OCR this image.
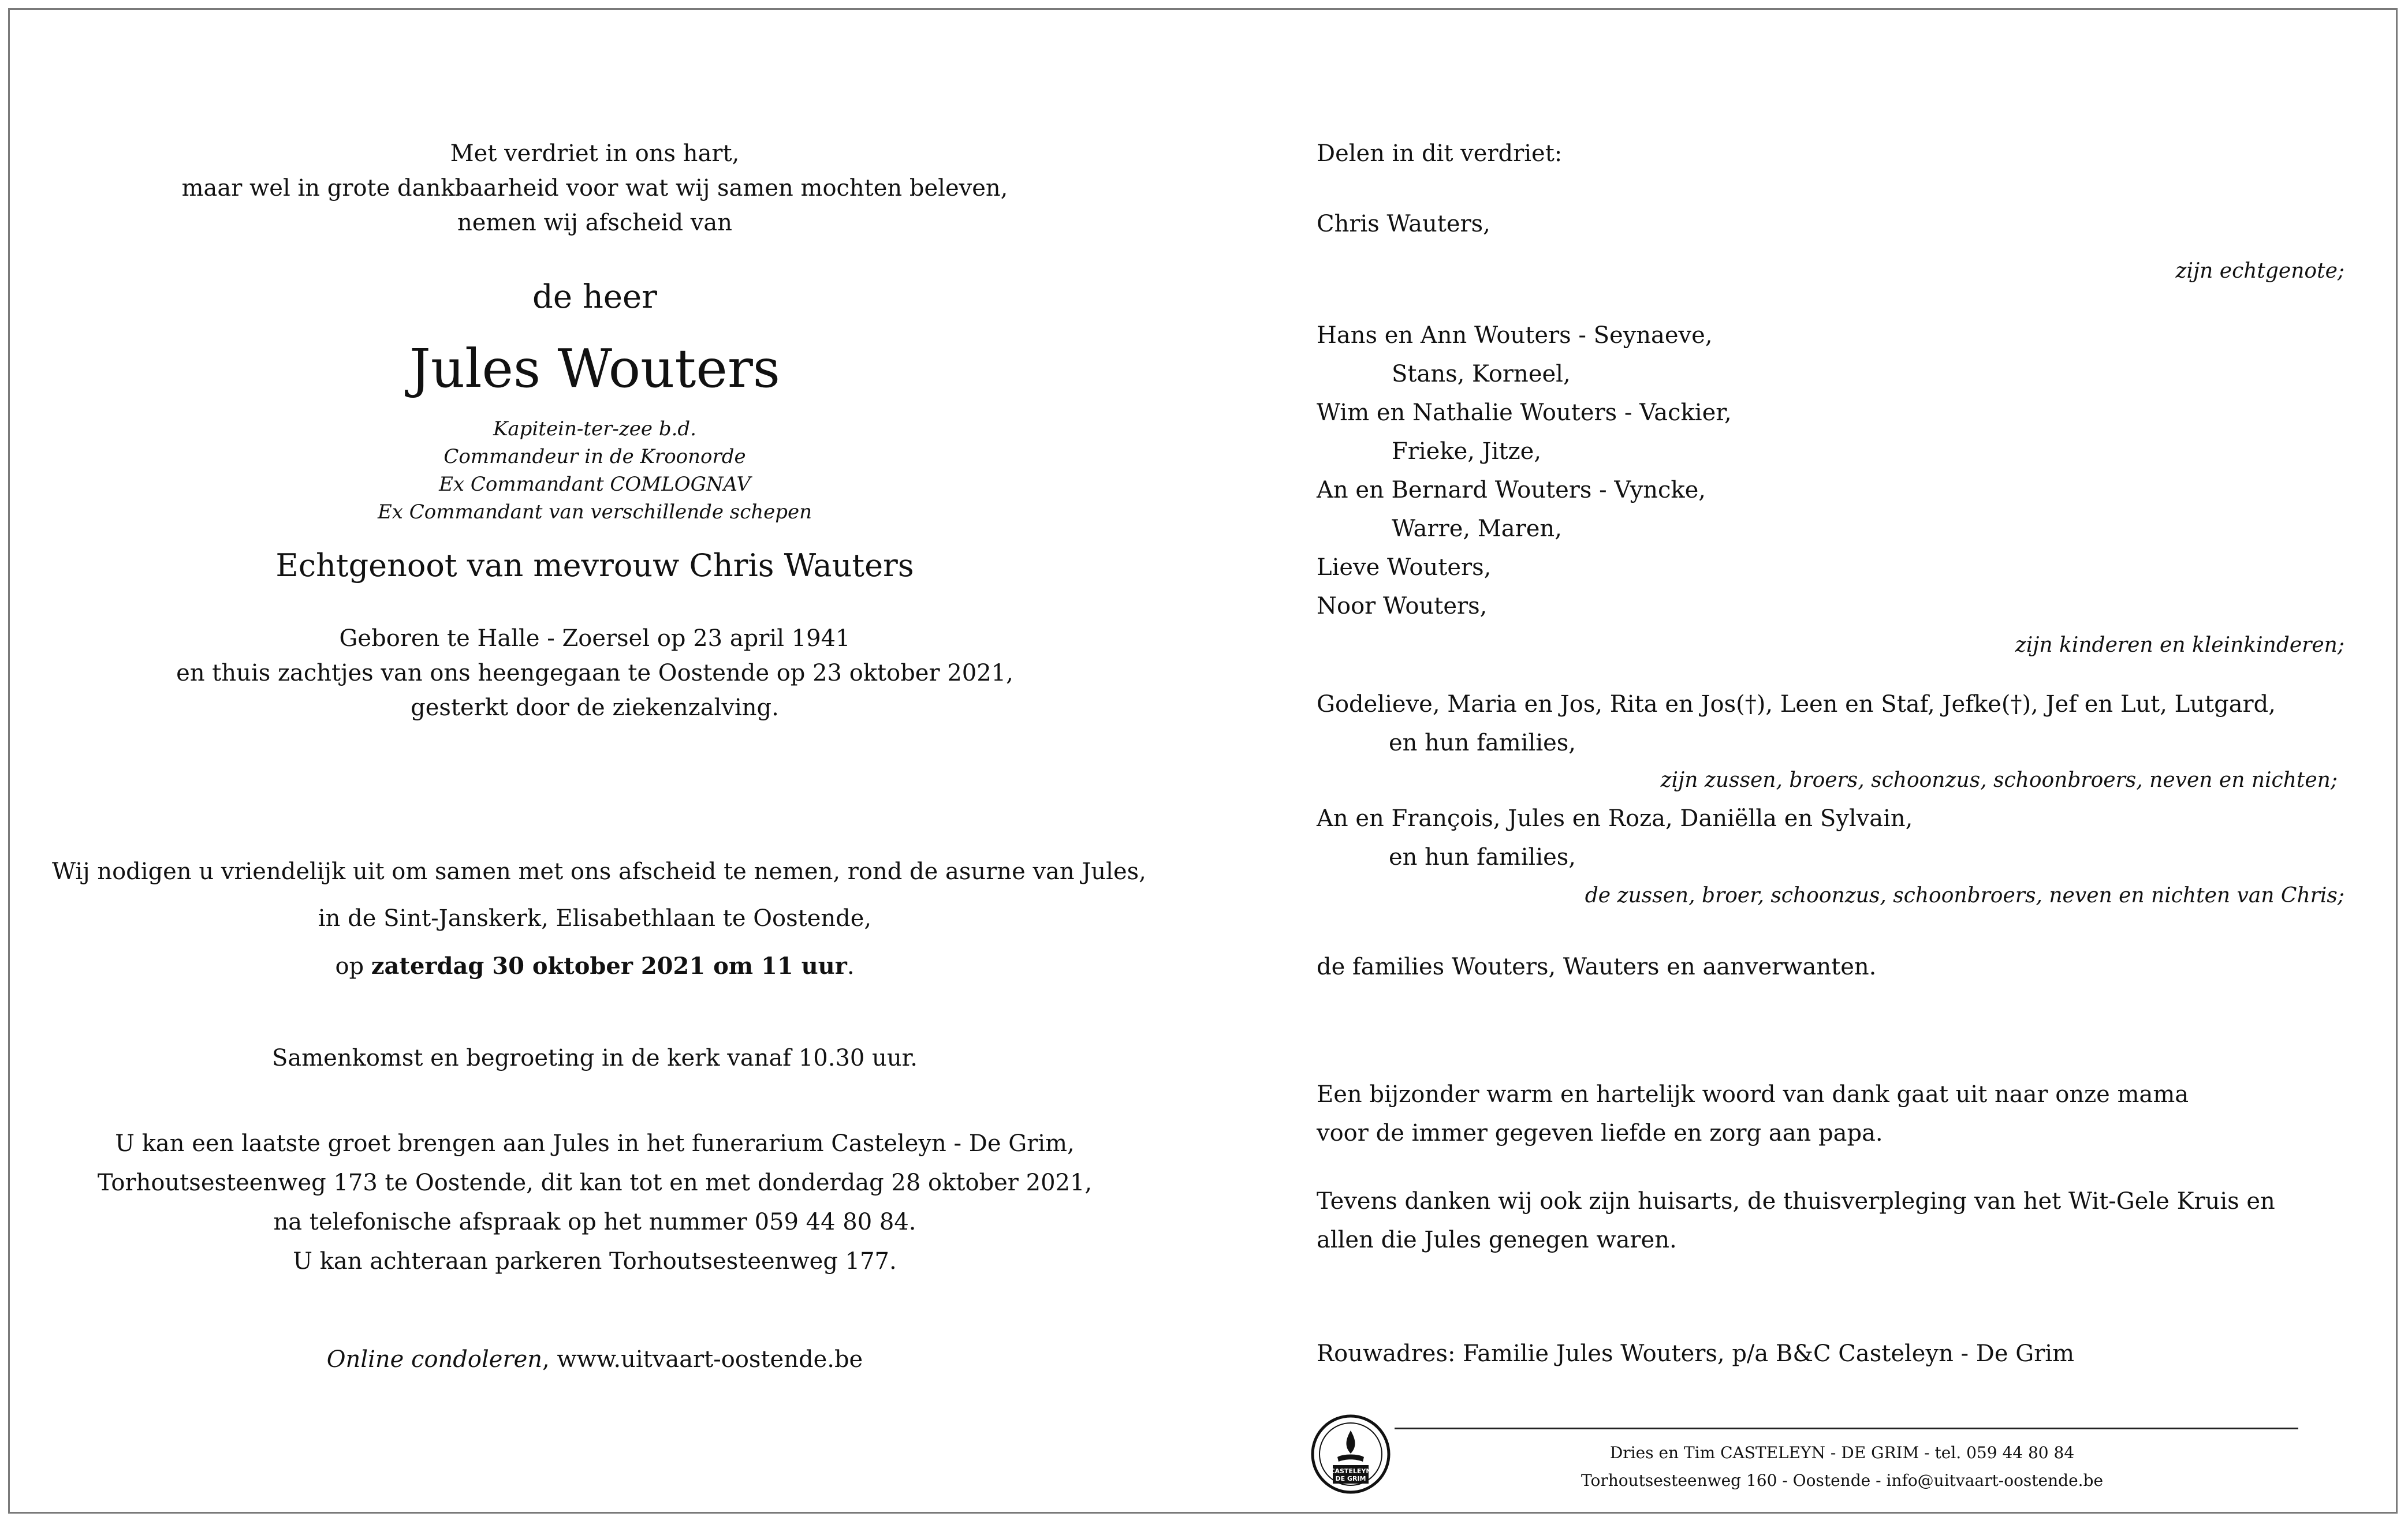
Met verdriet in ons hart,
maar wel in grote dankbaarheid voor wat wij samen mochten beleven,
nemen wij afscheid van
de heer
Jules Wouters
Kapitein-ter-zee b.d.
Commandeur in de Kroonorde
Ex Commandant COMLOGNAV
Ex Commandant van verschillende schepen
Echtgenoot van mevrouw Chris Wauters
Geboren te Halle - Zoersel op 23 april 1941
en thuis zachtjes van ons heengegaan te Oostende op 23 oktober 2021,
gesterkt door de ziekenzalving.
Wij nodigen u vriendelijk uit om samen met ons afscheid te nemen, rond de asurne van Jules,
in de Sint-Janskerk, Elisabethlaan te Oostende,
op zaterdag 30 oktober 2021 om 11 uur.
Samenkomst en begroeting in de kerk vanaf 10.30 uur.
U kan een laatste groet brengen aan Jules in het funerarium Casteleyn - De Grim,
Torhoutsesteenweg 173 te Oostende, dit kan tot en met donderdag 28 oktober 2021,
na telefonische afspraak op het nummer 059 44 80 84.
U kan achteraan parkeren Torhoutsesteenweg 177.
Online condoleren, www.uitvaart-oostende.be
Delen in dit verdriet:
Chris Wauters,
zijn echtgenote;
Hans en Ann Wouters - Seynaeve,
Stans, Korneel,
Wim en Nathalie Wouters - Vackier,
Frieke, Jitze,
An en Bernard Wouters - Vyncke,
Warre, Maren,
Lieve Wouters,
Noor Wouters,
zijn kinderen en kleinkinderen;
Godelieve, Maria en Jos, Rita en Jos(†), Leen en Staf, Jefke(†), Jef en Lut, Lutgard,
en hun families,
zijn zussen, broers, schoonzus, schoonbroers, neven en nichten;
An en François, Jules en Roza, Daniëlla en Sylvain,
en hun families,
de zussen, broer, schoonzus, schoonbroers, neven en nichten van Chris;
de families Wouters, Wauters en aanverwanten.
Een bijzonder warm en hartelijk woord van dank gaat uit naar onze mama
voor de immer gegeven liefde en zorg aan papa.
Tevens danken wij ook zijn huisarts, de thuisverpleging van het Wit-Gele Kruis en
allen die Jules genegen waren.
Rouwadres: Familie Jules Wouters, p/a B&C Casteleyn - De Grim
CASTELEYN
DE GRIM
Dries en Tim CASTELEYN - DE GRIM - tel. 059 44 80 84
Torhoutsesteenweg 160 - Oostende - info@uitvaart-oostende.be
